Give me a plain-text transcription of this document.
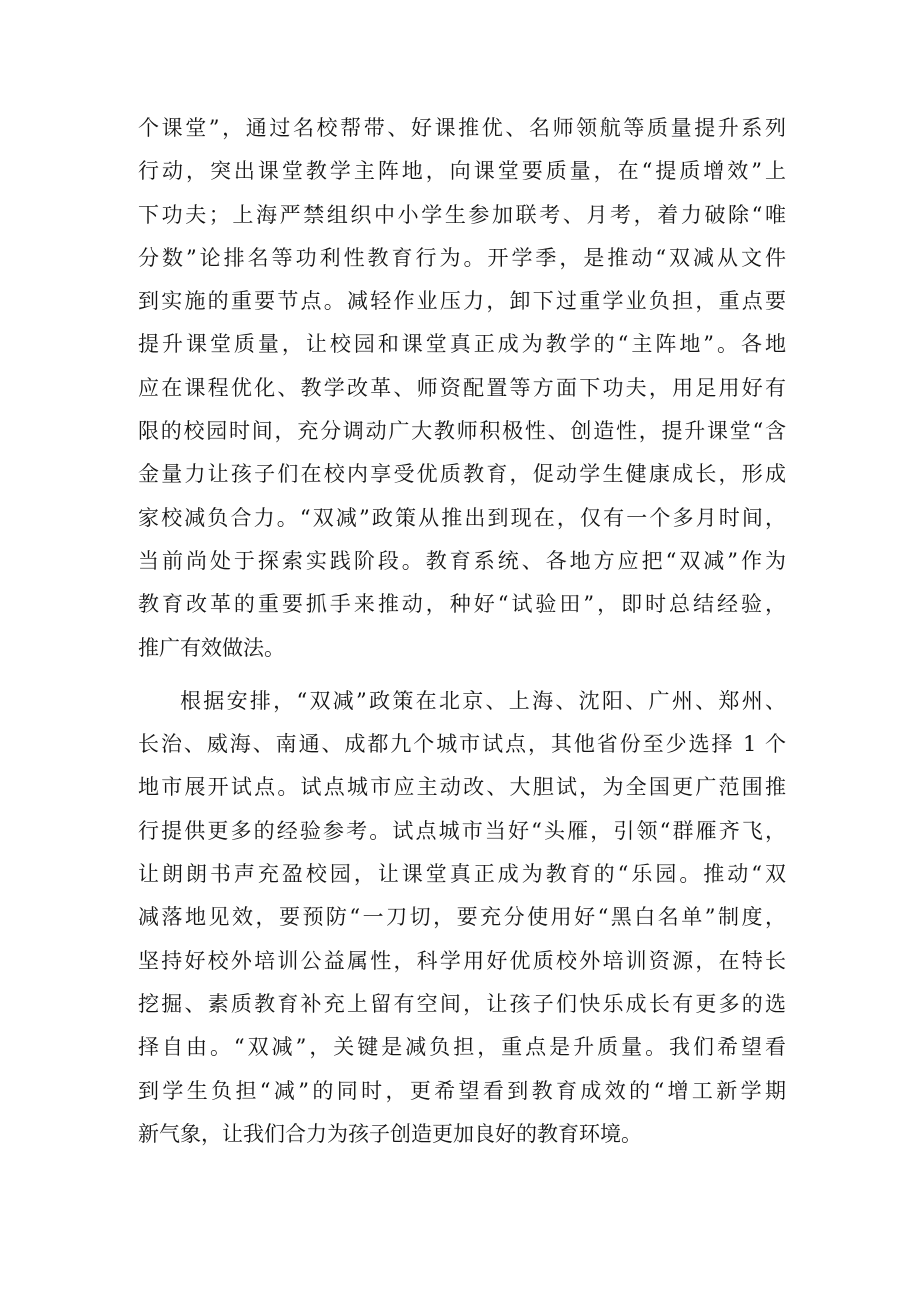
个课堂”，通过名校帮带、好课推优、名师领航等质量提升系列
行动，突出课堂教学主阵地，向课堂要质量，在“提质增效”上
下功夫；上海严禁组织中小学生参加联考、月考，着力破除“唯
分数”论排名等功利性教育行为。开学季，是推动“双减从文件
到实施的重要节点。减轻作业压力，卸下过重学业负担，重点要
提升课堂质量，让校园和课堂真正成为教学的“主阵地”。各地
应在课程优化、教学改革、师资配置等方面下功夫，用足用好有
限的校园时间，充分调动广大教师积极性、创造性，提升课堂“含
金量力让孩子们在校内享受优质教育，促动学生健康成长，形成
家校减负合力。“双减”政策从推出到现在，仅有一个多月时间，
当前尚处于探索实践阶段。教育系统、各地方应把“双减”作为
教育改革的重要抓手来推动，种好“试验田”，即时总结经验，
推广有效做法。
根据安排，“双减”政策在北京、上海、沈阳、广州、郑州、
长治、威海、南通、成都九个城市试点，其他省份至少选择 1 个
地市展开试点。试点城市应主动改、大胆试，为全国更广范围推
行提供更多的经验参考。试点城市当好“头雁，引领“群雁齐飞，
让朗朗书声充盈校园，让课堂真正成为教育的“乐园。推动“双
减落地见效，要预防“一刀切，要充分使用好“黑白名单”制度，
坚持好校外培训公益属性，科学用好优质校外培训资源，在特长
挖掘、素质教育补充上留有空间，让孩子们快乐成长有更多的选
择自由。“双减”，关键是减负担，重点是升质量。我们希望看
到学生负担“减”的同时，更希望看到教育成效的“增工新学期
新气象，让我们合力为孩子创造更加良好的教育环境。
